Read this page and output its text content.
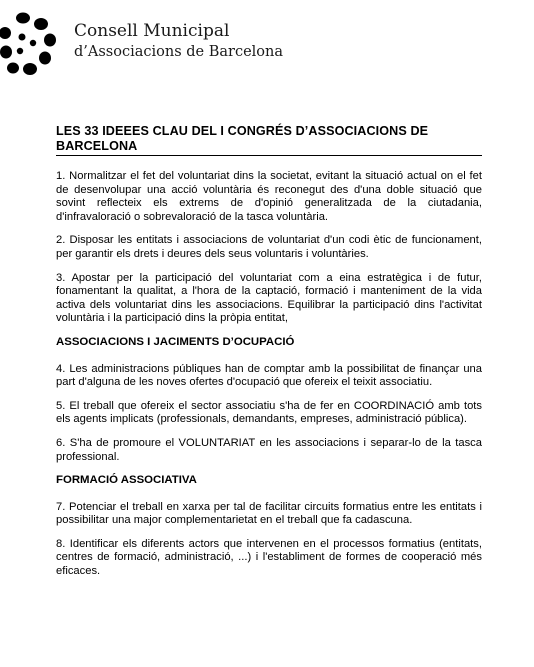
Consell Municipal
d’Associacions de Barcelona
LES 33 IDEEES CLAU DEL I CONGRÉS D’ASSOCIACIONS DE BARCELONA

1. Normalitzar el fet del voluntariat dins la societat, evitant la situació actual on el fet de desenvolupar una acció voluntària és reconegut des d'una doble situació que sovint reflecteix els extrems de d'opinió generalitzada de la ciutadania, d'infravaloració o sobrevaloració de la tasca voluntària.

2. Disposar les entitats i associacions de voluntariat d'un codi ètic de funcionament, per garantir els drets i deures dels seus voluntaris i voluntàries.

3. Apostar per la participació del voluntariat com a eina estratègica i de futur, fonamentant la qualitat, a l'hora de la captació, formació i manteniment de la vida activa dels voluntariat dins les associacions. Equilibrar la participació dins l'activitat voluntària i la participació dins la pròpia entitat,

ASSOCIACIONS I JACIMENTS D’OCUPACIÓ

4. Les administracions públiques han de comptar amb la possibilitat de finançar una part d'alguna de les noves ofertes d'ocupació que ofereix el teixit associatiu.

5. El treball que ofereix el sector associatiu s'ha de fer en COORDINACIÓ amb tots els agents implicats (professionals, demandants, empreses, administració pública).

6. S'ha de promoure el VOLUNTARIAT en les associacions i separar-lo de la tasca professional.

FORMACIÓ ASSOCIATIVA

7. Potenciar el treball en xarxa per tal de facilitar circuits formatius entre les entitats i possibilitar una major complementarietat en el treball que fa cadascuna.

8. Identificar els diferents actors que intervenen en el processos formatius (entitats, centres de formació, administració, ...) i l'establiment de formes de cooperació més eficaces.
